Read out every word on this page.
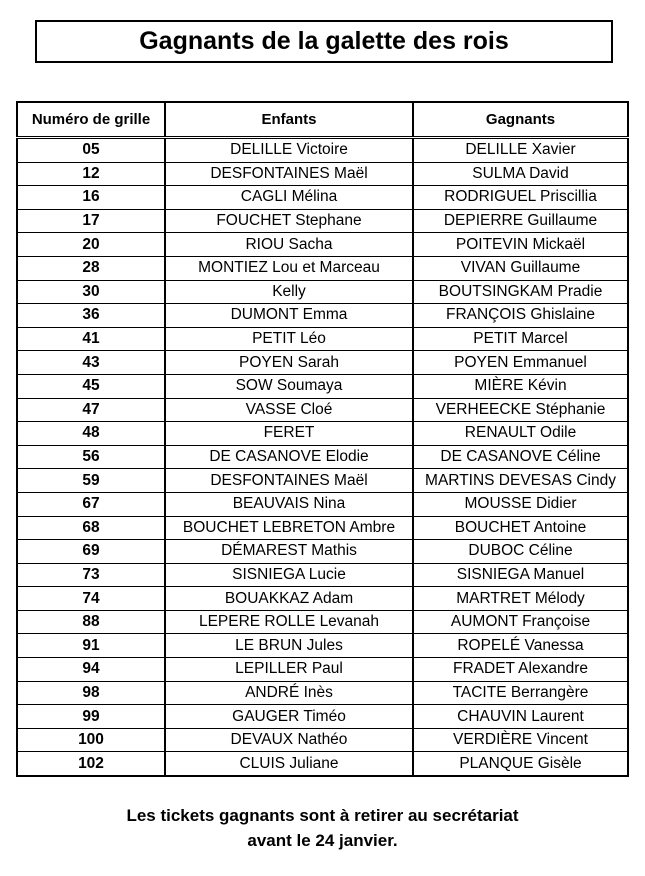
Gagnants de la galette des rois
Numéro de grille	Enfants	Gagnants
05	DELILLE Victoire	DELILLE Xavier
12	DESFONTAINES Maël	SULMA David
16	CAGLI Mélina	RODRIGUEL Priscillia
17	FOUCHET Stephane	DEPIERRE Guillaume
20	RIOU Sacha	POITEVIN Mickaël
28	MONTIEZ Lou et Marceau	VIVAN Guillaume
30	Kelly	BOUTSINGKAM Pradie
36	DUMONT Emma	FRANÇOIS Ghislaine
41	PETIT Léo	PETIT Marcel
43	POYEN Sarah	POYEN Emmanuel
45	SOW Soumaya	MIÈRE Kévin
47	VASSE Cloé	VERHEECKE Stéphanie
48	FERET	RENAULT Odile
56	DE CASANOVE Elodie	DE CASANOVE Céline
59	DESFONTAINES Maël	MARTINS DEVESAS Cindy
67	BEAUVAIS Nina	MOUSSE Didier
68	BOUCHET LEBRETON Ambre	BOUCHET Antoine
69	DÉMAREST Mathis	DUBOC Céline
73	SISNIEGA Lucie	SISNIEGA Manuel
74	BOUAKKAZ Adam	MARTRET Mélody
88	LEPERE ROLLE Levanah	AUMONT Françoise
91	LE BRUN Jules	ROPELÉ Vanessa
94	LEPILLER Paul	FRADET Alexandre
98	ANDRÉ Inès	TACITE Berrangère
99	GAUGER Timéo	CHAUVIN Laurent
100	DEVAUX Nathéo	VERDIÈRE Vincent
102	CLUIS Juliane	PLANQUE Gisèle
Les tickets gagnants sont à retirer au secrétariat
avant le 24 janvier.
